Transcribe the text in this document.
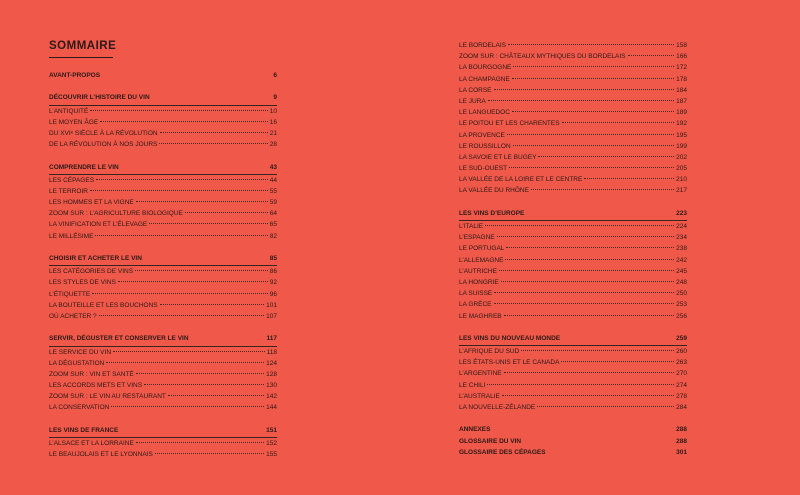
SOMMAIRE
AVANT-PROPOS	6
DÉCOUVRIR L’HISTOIRE DU VIN	9
L’ANTIQUITÉ	10
LE MOYEN ÂGE	16
DU XVIᵉ SIÈCLE À LA RÉVOLUTION	21
DE LA RÉVOLUTION À NOS JOURS	28
COMPRENDRE LE VIN	43
LES CÉPAGES	44
LE TERROIR	55
LES HOMMES ET LA VIGNE	59
ZOOM SUR : L’AGRICULTURE BIOLOGIQUE	64
LA VINIFICATION ET L’ÉLEVAGE	65
LE MILLÉSIME	82
CHOISIR ET ACHETER LE VIN	85
LES CATÉGORIES DE VINS	86
LES STYLES DE VINS	92
L’ÉTIQUETTE	96
LA BOUTEILLE ET LES BOUCHONS	101
OÙ ACHETER ?	107
SERVIR, DÉGUSTER ET CONSERVER LE VIN	117
LE SERVICE DU VIN	118
LA DÉGUSTATION	124
ZOOM SUR : VIN ET SANTÉ	128
LES ACCORDS METS ET VINS	130
ZOOM SUR : LE VIN AU RESTAURANT	142
LA CONSERVATION	144
LES VINS DE FRANCE	151
L’ALSACE ET LA LORRAINE	152
LE BEAUJOLAIS ET LE LYONNAIS	155
LE BORDELAIS	158
ZOOM SUR : CHÂTEAUX MYTHIQUES DU BORDELAIS	166
LA BOURGOGNE	172
LA CHAMPAGNE	178
LA CORSE	184
LE JURA	187
LE LANGUEDOC	189
LE POITOU ET LES CHARENTES	192
LA PROVENCE	195
LE ROUSSILLON	199
LA SAVOIE ET LE BUGEY	202
LE SUD-OUEST	205
LA VALLÉE DE LA LOIRE ET LE CENTRE	210
LA VALLÉE DU RHÔNE	217
LES VINS D’EUROPE	223
L’ITALIE	224
L’ESPAGNE	234
LE PORTUGAL	238
L’ALLEMAGNE	242
L’AUTRICHE	245
LA HONGRIE	248
LA SUISSE	250
LA GRÈCE	253
LE MAGHREB	256
LES VINS DU NOUVEAU MONDE	259
L’AFRIQUE DU SUD	260
LES ÉTATS-UNIS ET LE CANADA	263
L’ARGENTINE	270
LE CHILI	274
L’AUSTRALIE	278
LA NOUVELLE-ZÉLANDE	284
ANNEXES	288
GLOSSAIRE DU VIN	288
GLOSSAIRE DES CÉPAGES	301
